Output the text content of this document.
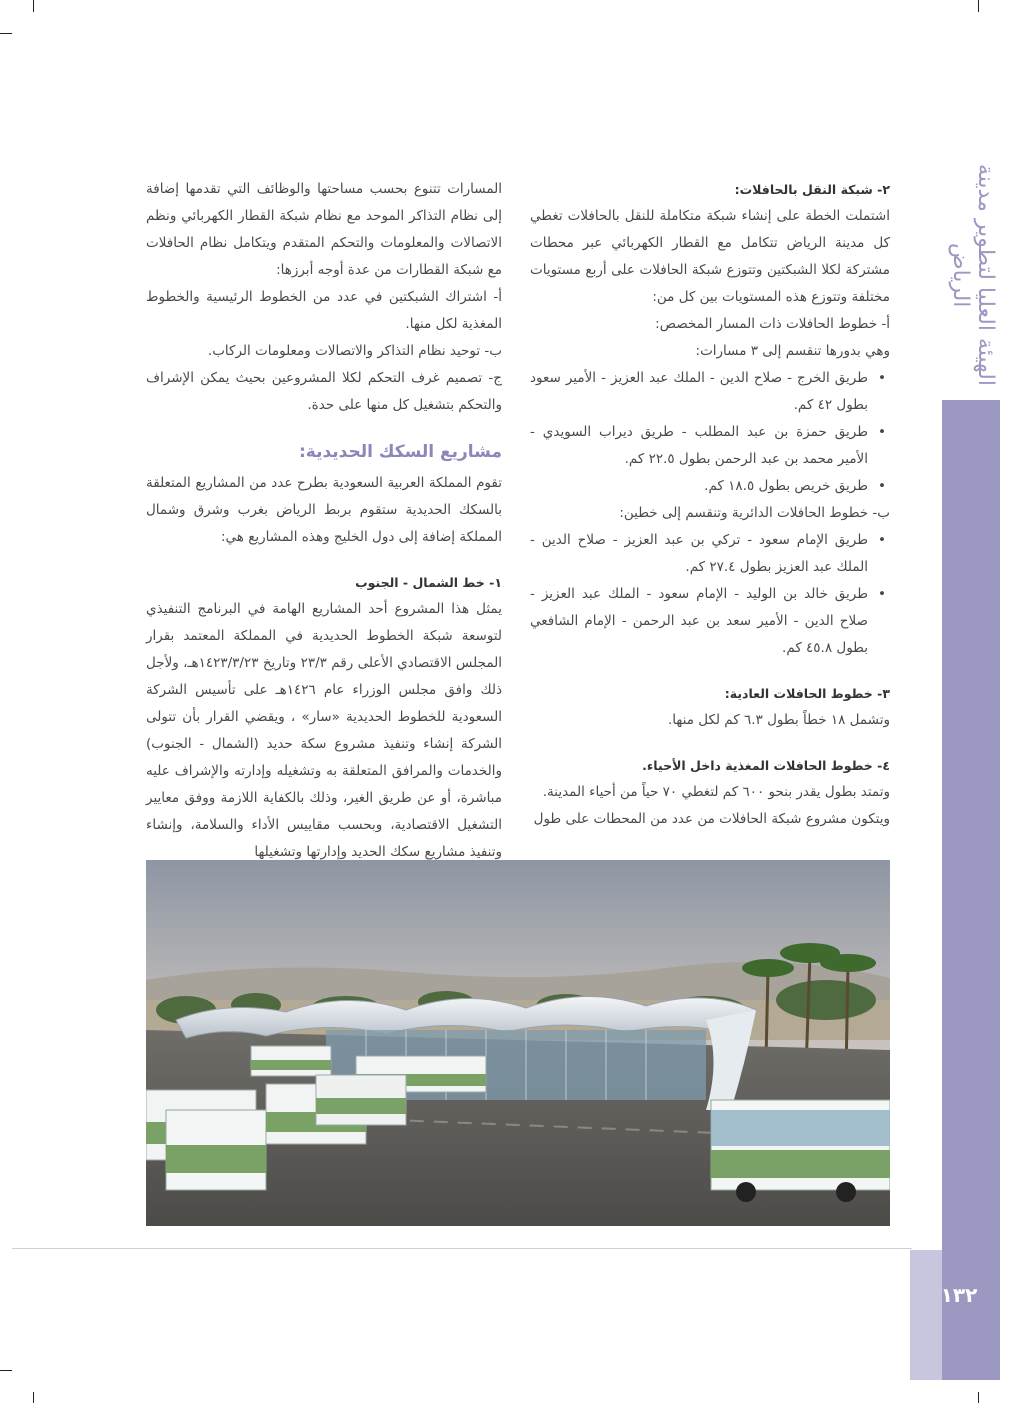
الهيئة العليا لتطوير مدينة الرياض
١٣٢

٢- شبكة النقل بالحافلات:

اشتملت الخطة على إنشاء شبكة متكاملة للنقل بالحافلات تغطي كل مدينة الرياض تتكامل مع القطار الكهربائي عبر محطات مشتركة لكلا الشبكتين وتتوزع شبكة الحافلات على أربع مستويات مختلفة وتتوزع هذه المستويات بين كل من:

أ- خطوط الحافلات ذات المسار المخصص:

وهي بدورها تنقسم إلى ٣ مسارات:

• طريق الخرج - صلاح الدين - الملك عبد العزيز - الأمير سعود بطول ٤٢ كم.

• طريق حمزة بن عبد المطلب - طريق ديراب السويدي - الأمير محمد بن عبد الرحمن بطول ٢٢.٥ كم.

• طريق خريص بطول ١٨.٥ كم.

ب- خطوط الحافلات الدائرية وتنقسم إلى خطين:

• طريق الإمام سعود - تركي بن عبد العزيز - صلاح الدين - الملك عبد العزيز بطول ٢٧.٤ كم.

• طريق خالد بن الوليد - الإمام سعود - الملك عبد العزيز - صلاح الدين - الأمير سعد بن عبد الرحمن - الإمام الشافعي بطول ٤٥.٨ كم.

٣- خطوط الحافلات العادية:

وتشمل ١٨ خطاً بطول ٦.٣ كم لكل منها.

٤- خطوط الحافلات المغذية داخل الأحياء.

وتمتد بطول يقدر بنحو ٦٠٠ كم لتغطي ٧٠ حياً من أحياء المدينة.

ويتكون مشروع شبكة الحافلات من عدد من المحطات على طول

المسارات تتنوع بحسب مساحتها والوظائف التي تقدمها إضافة إلى نظام التذاكر الموحد مع نظام شبكة القطار الكهربائي ونظم الاتصالات والمعلومات والتحكم المتقدم ويتكامل نظام الحافلات مع شبكة القطارات من عدة أوجه أبرزها:

أ- اشتراك الشبكتين في عدد من الخطوط الرئيسية والخطوط المغذية لكل منها.

ب- توحيد نظام التذاكر والاتصالات ومعلومات الركاب.

ج- تصميم غرف التحكم لكلا المشروعين بحيث يمكن الإشراف والتحكم بتشغيل كل منها على حدة.

مشاريع السكك الحديدية:

تقوم المملكة العربية السعودية بطرح عدد من المشاريع المتعلقة بالسكك الحديدية ستقوم بربط الرياض بغرب وشرق وشمال المملكة إضافة إلى دول الخليج وهذه المشاريع هي:

١- خط الشمال - الجنوب

يمثل هذا المشروع أحد المشاريع الهامة في البرنامج التنفيذي لتوسعة شبكة الخطوط الحديدية في المملكة المعتمد بقرار المجلس الاقتصادي الأعلى رقم ٢٣/٣ وتاريخ ١٤٢٣/٣/٢٣هـ، ولأجل ذلك وافق مجلس الوزراء عام ١٤٢٦هـ على تأسيس الشركة السعودية للخطوط الحديدية «سار» ، ويقضي القرار بأن تتولى الشركة إنشاء وتنفيذ مشروع سكة حديد (الشمال - الجنوب) والخدمات والمرافق المتعلقة به وتشغيله وإدارته والإشراف عليه مباشرة، أو عن طريق الغير، وذلك بالكفاية اللازمة ووفق معايير التشغيل الاقتصادية، وبحسب مقاييس الأداء والسلامة، وإنشاء وتنفيذ مشاريع سكك الحديد وإدارتها وتشغيلها
